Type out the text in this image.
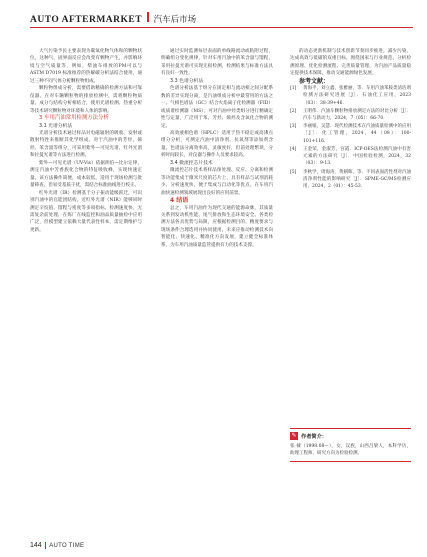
AUTO AFTERMARKET 汽车后市场

大气污染予民主要表现为碳氧化物气体和的颗物状位。这种气、固界面反应会改变有颗物产生，并影响环境与空气质量等，例如，柴油车排放的PM可以与ASTM D7019 标准推荐的热解碳分析法结合使用，通过三种不同气体分析颗粒物组成。

颗粒物组成分析，需要借助精确的检测方法和可靠仪器。在对车辆颗粒物的排放检测中，需将颗粒物质量、成分与结构分析相结合，使用光谱检测、热重分析等技术研究颗粒物对环境和人体的影响。

3 车用汽油常用检测方法分析

3.1 光谱分析法

光谱分析技术通过样品对电磁辐射的吸收、发射或散射特性来推断其化学组成。对于汽油中的芳烃、烯烃、苯含量等组分，可采用紫外—可见光谱、红外光谱和拉曼光谱等方法进行检测。

紫外—可见光谱（UV-Vis）依据朗伯—比尔定律，测定汽油中芳香族化合物的特征吸收峰，实现快速定量。该方法操作简便，成本较低，适用于现场检测与批量筛查，但易受基质干扰，需结合标准曲线进行校正。

红外光谱（IR）检测基于分子振动能级跃迁，可识别汽油中的官能团结构。近红外光谱（NIR）能够同时测定辛烷值、馏程与密度等多项指标，检测速度快，无需复杂前处理，在炼厂在线监控和油品质量抽检中应用广泛，但模型建立依赖大量代表性样本，需定期维护与更新。

通过实时监测每层表面的单线路流动或粘附过程，明确组分变化规律，针对车用汽油中的苯含量与馏程，采用拉曼光谱可实现无损检测，检测结果与标准方法具有良好一致性。

3.3 色谱分析法

色谱分析法基于组分在固定相与流动相之间分配系数的差异实现分离，是汽油组成分析中最常用的方法之一。气相色谱法（GC）结合火焰离子化检测器（FID）或质谱检测器（MS），可对汽油中烃类组分进行精确定性与定量，广泛用于苯、芳烃、烯烃及含氧化合物的测定。

高效液相色谱（HPLC）适用于热不稳定或高沸点组分分析，可测定汽油中清净剂、抗氧剂等添加剂含量。色谱法分离效率高，灵敏度好，但前处理繁琐，分析时间较长，对仪器与操作人员要求较高。

3.4 微流控芯片技术

微流控芯片技术将样品预处理、反应、分离和检测等功能集成于微米尺度的芯片上，具有样品与试剂消耗少、分析速度快、便于集成与自动化等优点，在车用汽油快速检测领域展现出良好的应用前景。

4 结语

总之，车用汽油作为现代交通的能源命脉，其质量关系到发动机性能、尾气排放和生态环境安全。各类检测方法各具优势与局限，应根据检测目的、精度要求与现场条件合理选用并协同使用。未来应推动检测技术向智能化、快速化、精准化方向发展，建立健全标准体系，为车用汽油质量监管提供有力的技术支撑。

的动态更新机制与技术创新节奏同步推进，减少污染，达成高效与低碳的双重目标。围绕国家与行业规范，分析检测原理、优化检测流程、完善质量管理，为汽油产品质量稳定提供技术保障，推动交通能源绿色发展。

参考文献：

[1]	黄海平，刘立鑫，张雅丽，等．车用汽油苯胺类清洁剂检测方法研究进展［J］．石油化工应用，2023（03）：38-39+46．
[2]	王明伟．汽油车颗粒物排放测定方法的对比分析［J］．汽车与新动力，2024，7（05）：66-70．
[3]	李丽娟，吴慧．现代检测技术在汽油质量检测中的应用［J］．化工管理，2024，44（08）：100-101+116．
[4]	王金荣，金淑芳，宫霞．ICP-OES法检测汽油中有害元素的方法研究［J］．中国检验检测，2024，32（03）：9-13．
[5]	李秋学，周海涛，黄朝晖，等．不同表面活性剂对汽油清净剂性能的影响研究［J］．SPME-GC/MS检测应用，2024，2（01）：45-53．
✎ 作者简介：
张 棣（1998.08—），女，汉族，山西吕梁人，本科学历，助理工程师，研究方向为检验检测。
144 AUTO TIME
